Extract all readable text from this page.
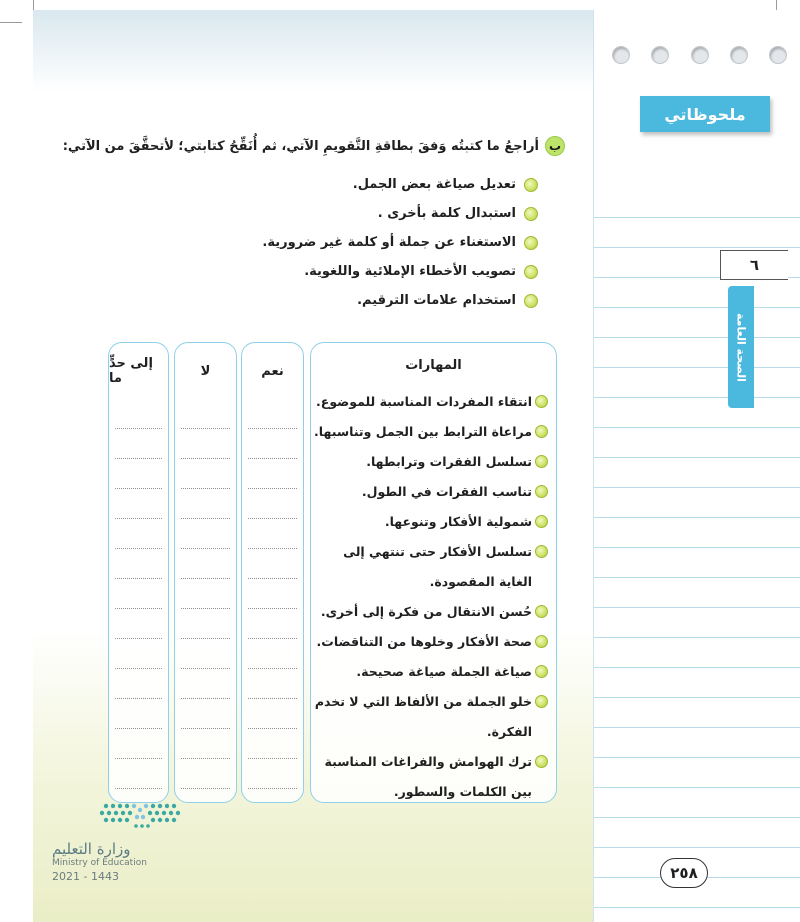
ملحوظاتي
٦
الصحة العامة
٢٥٨
ب
أراجعُ ما كتبتُه وَفقَ بطاقةِ التَّقويمِ الآتي، ثم أُنَقِّحُ كتابتي؛ لأتحقَّقَ من الآتي:
تعديل صياغة بعض الجمل.
استبدال كلمة بأخرى .
الاستغناء عن جملة أو كلمة غير ضرورية.
تصويب الأخطاء الإملائية واللغوية.
استخدام علامات الترقيم.
إلى حدٍّ ما	لا	نعم	المهارات
انتقاء المفردات المناسبة للموضوع.
مراعاة الترابط بين الجمل وتناسبها.
تسلسل الفقرات وترابطها.
تناسب الفقرات في الطول.
شمولية الأفكار وتنوعها.
تسلسل الأفكار حتى تنتهي إلى الغاية المقصودة.
حُسن الانتقال من فكرة إلى أخرى.
صحة الأفكار وخلوها من التناقضات.
صياغة الجملة صياغة صحيحة.
خلو الجملة من الألفاظ التي لا تخدم الفكرة.
ترك الهوامش والفراغات المناسبة بين الكلمات والسطور.
وزارة التعليم
Ministry of Education
2021 - 1443
